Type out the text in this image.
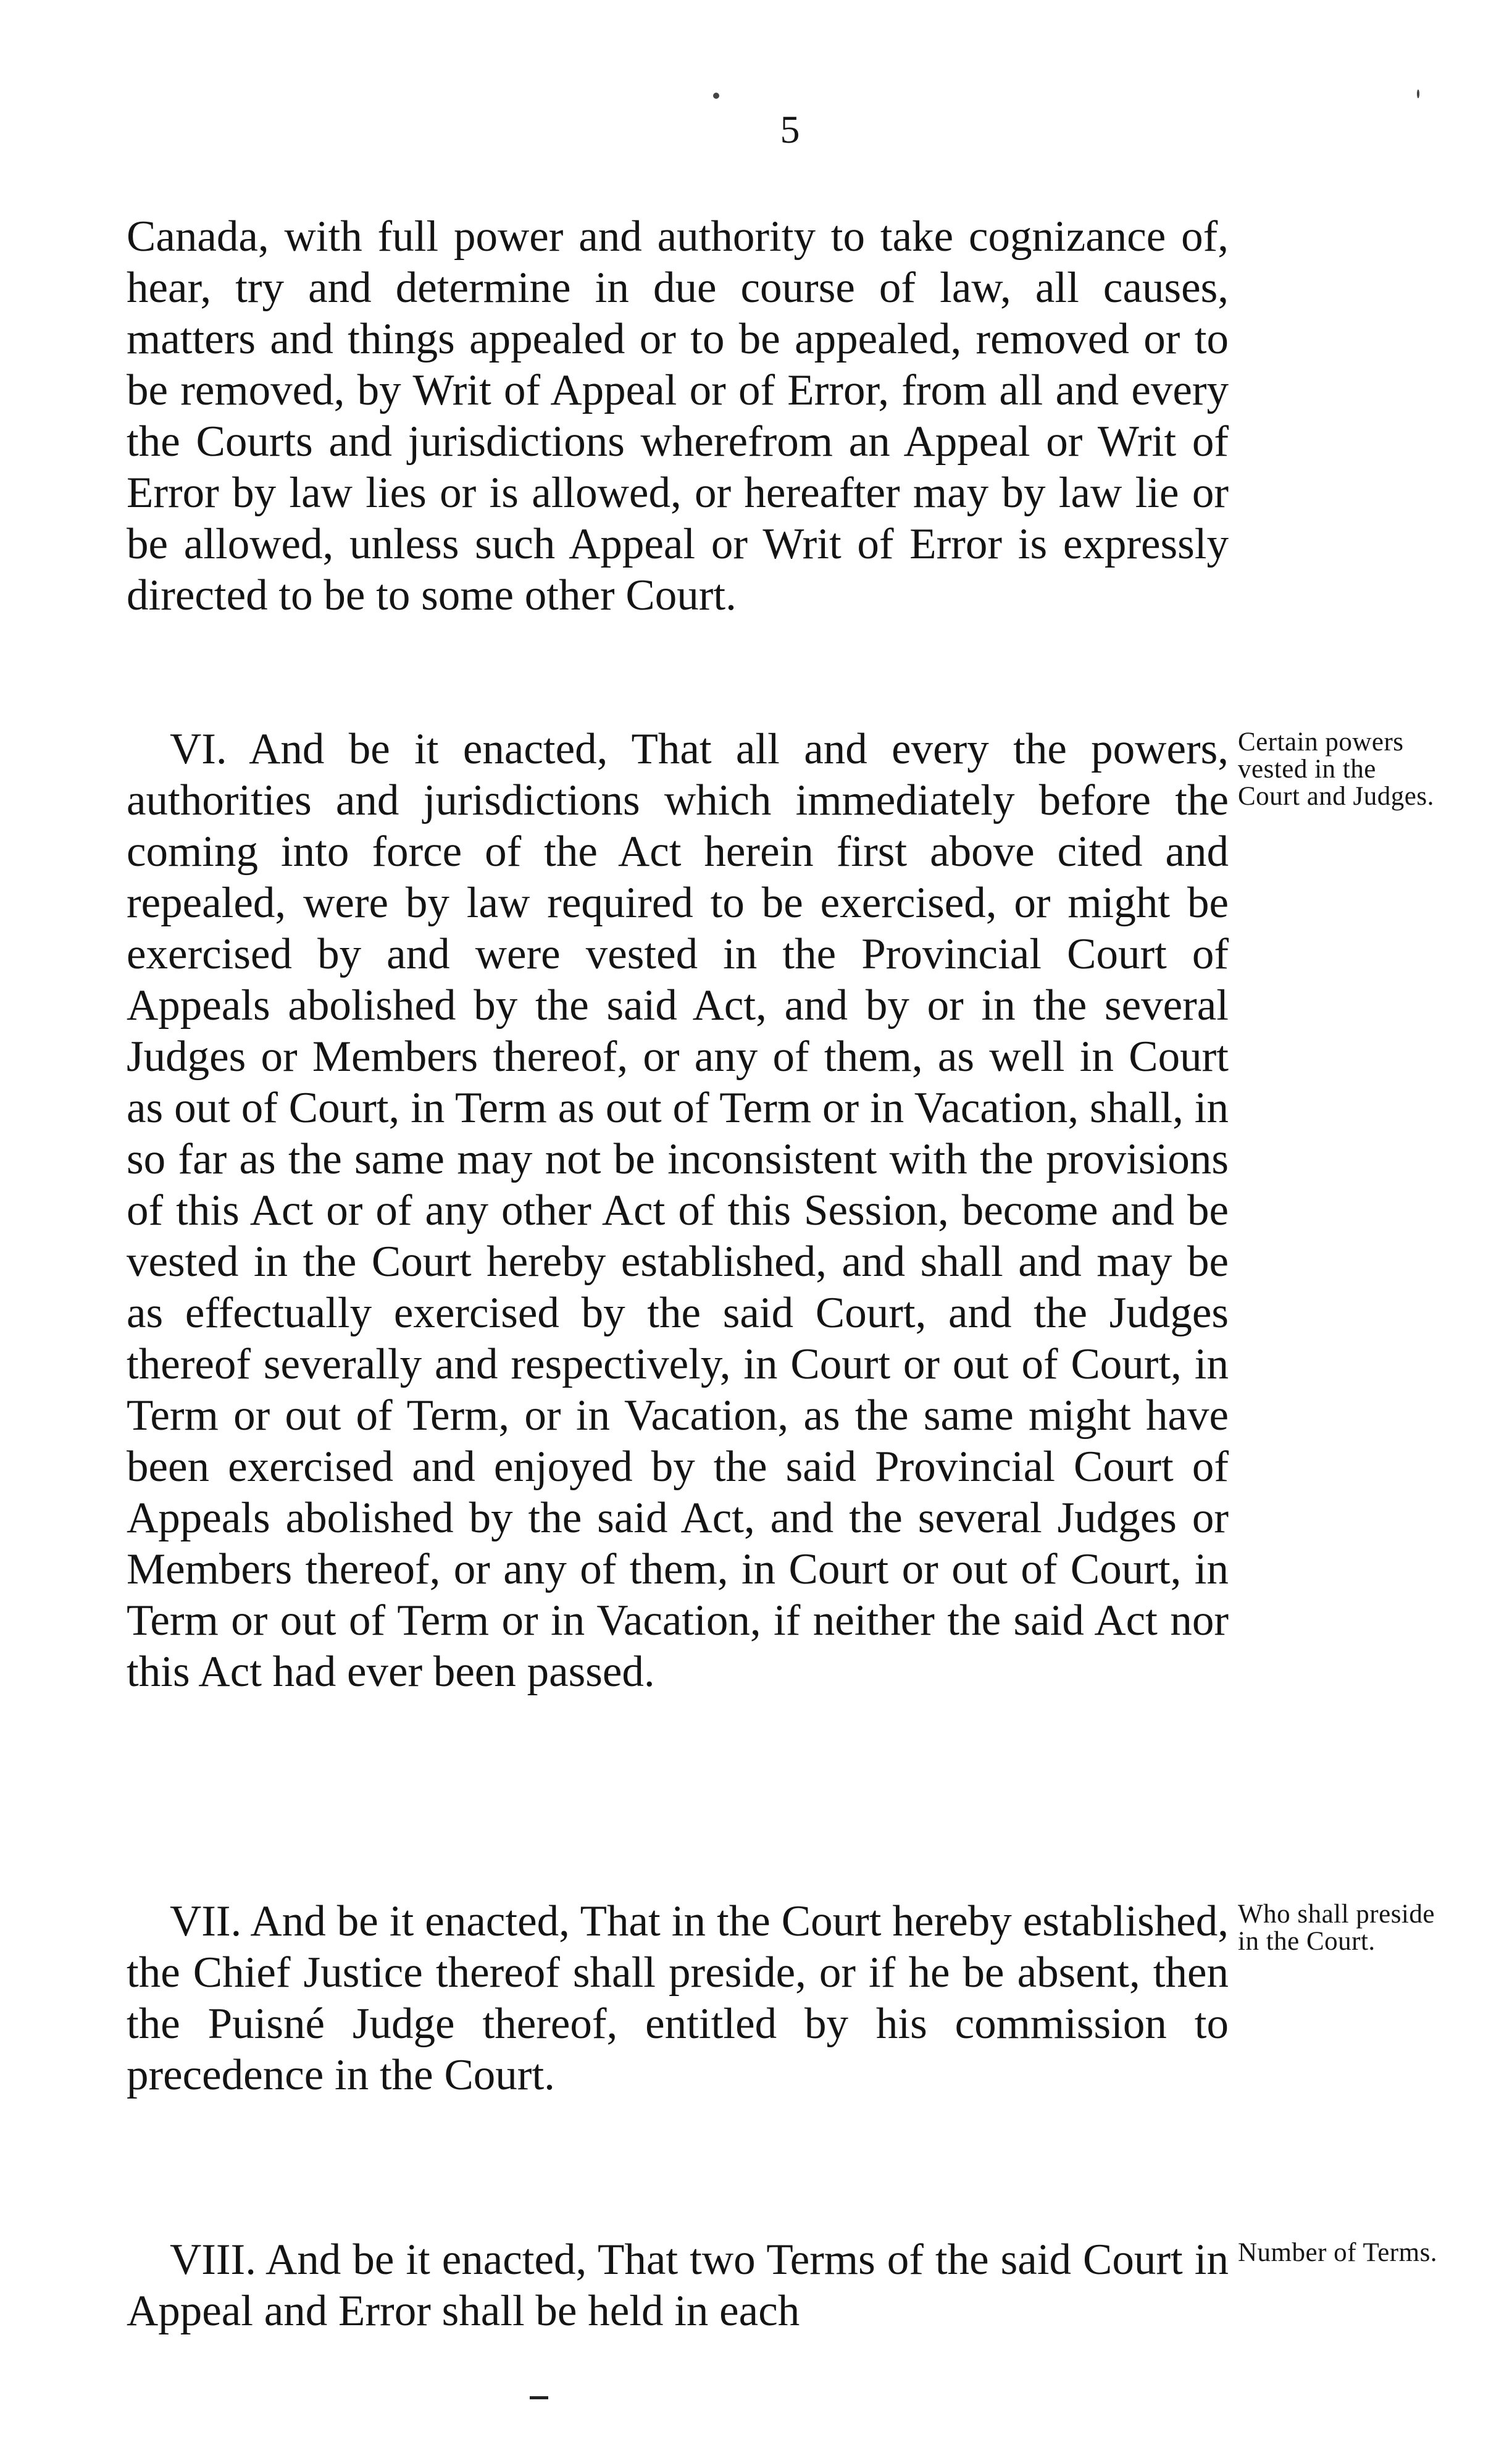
5

Canada, with full power and authority to take cognizance of, hear, try and determine in due course of law, all causes, matters and things appealed or to be appealed, removed or to be removed, by Writ of Appeal or of Error, from all and every the Courts and jurisdictions wherefrom an Appeal or Writ of Error by law lies or is allowed, or hereafter may by law lie or be allowed, unless such Appeal or Writ of Error is expressly directed to be to some other Court.

VI. And be it enacted, That all and every the powers, authorities and jurisdictions which immediately before the coming into force of the Act herein first above cited and repealed, were by law required to be exercised, or might be exercised by and were vested in the Provincial Court of Appeals abolished by the said Act, and by or in the several Judges or Members thereof, or any of them, as well in Court as out of Court, in Term as out of Term or in Vacation, shall, in so far as the same may not be inconsistent with the provisions of this Act or of any other Act of this Session, become and be vested in the Court hereby established, and shall and may be as effectually exercised by the said Court, and the Judges thereof severally and respectively, in Court or out of Court, in Term or out of Term, or in Vacation, as the same might have been exercised and enjoyed by the said Provincial Court of Appeals abolished by the said Act, and the several Judges or Members thereof, or any of them, in Court or out of Court, in Term or out of Term or in Vacation, if neither the said Act nor this Act had ever been passed.

VII. And be it enacted, That in the Court hereby established, the Chief Justice thereof shall preside, or if he be absent, then the Puisné Judge thereof, entitled by his commission to precedence in the Court.

VIII. And be it enacted, That two Terms of the said Court in Appeal and Error shall be held in each

Certain powers vested in the Court and Judges.
Who shall preside in the Court.
Number of Terms.
